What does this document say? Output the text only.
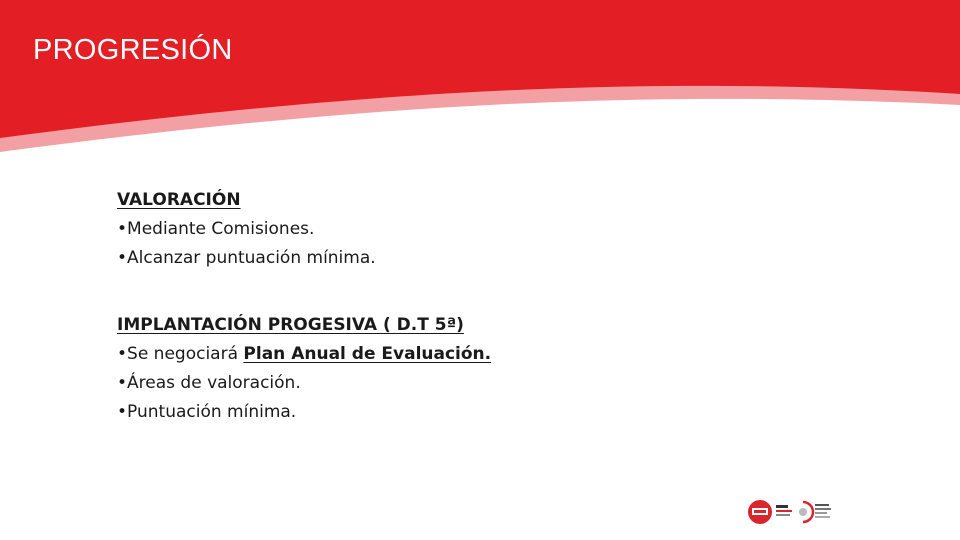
PROGRESIÓN
VALORACIÓN
•Mediante Comisiones.
•Alcanzar puntuación mínima.
IMPLANTACIÓN PROGESIVA ( D.T 5ª)
•Se negociará Plan Anual de Evaluación.
•Áreas de valoración.
•Puntuación mínima.
